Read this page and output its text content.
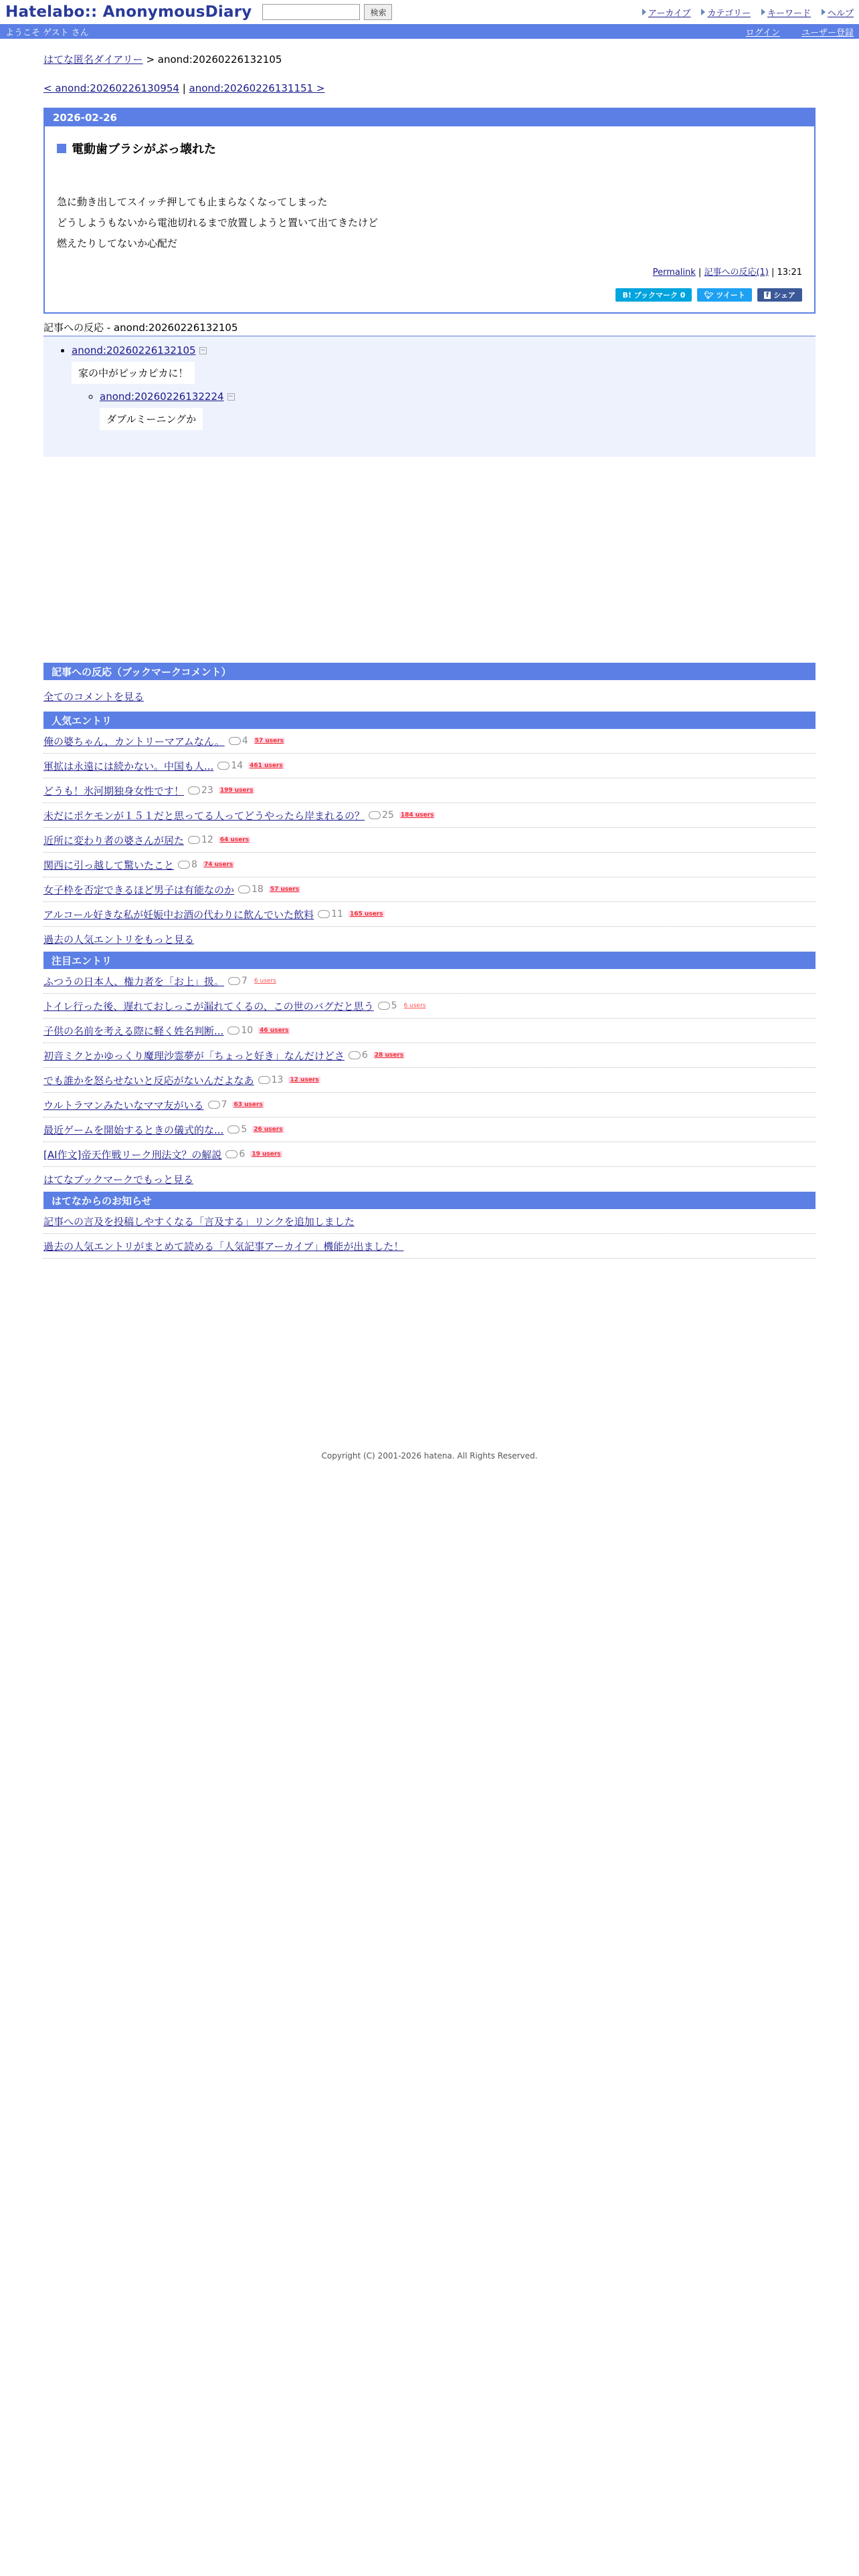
Hatelabo:: AnonymousDiary	検索	アーカイブ カテゴリー キーワード ヘルプ
ようこそ ゲスト さん	ログイン ユーザー登録
はてな匿名ダイアリー > anond:20260226132105
< anond:20260226130954 | anond:20260226131151 >
2026-02-26
電動歯ブラシがぶっ壊れた
急に動き出してスイッチ押しても止まらなくなってしまった
どうしようもないから電池切れるまで放置しようと置いて出てきたけど
燃えたりしてないか心配だ
Permalink | 記事への反応(1) | 13:21
B! ブックマーク 0	🐦︎ ツイート	f シェア
記事への反応 - anond:20260226132105
• anond:20260226132105 −
家の中がピッカピカに！
◦ anond:20260226132224 −
ダブルミーニングか
記事への反応（ブックマークコメント）
全てのコメントを見る
人気エントリ
俺の婆ちゃん、カントリーマアムなん。 4 57 users
軍拡は永遠には続かない。中国も人... 14 461 users
どうも！氷河期独身女性です！ 23 199 users
未だにポケモンが１５１だと思ってる人ってどうやったら岸まれるの？ 25 184 users
近所に変わり者の婆さんが居た 12 64 users
関西に引っ越して驚いたこと 8 74 users
女子枠を否定できるほど男子は有能なのか 18 57 users
アルコール好きな私が妊娠中お酒の代わりに飲んでいた飲料 11 165 users
過去の人気エントリをもっと見る
注目エントリ
ふつうの日本人、権力者を「お上」扱。 7 6 users
トイレ行った後、遅れておしっこが漏れてくるの、この世のバグだと思う 5 6 users
子供の名前を考える際に軽く姓名判断... 10 46 users
初音ミクとかゆっくり魔理沙霊夢が「ちょっと好き」なんだけどさ 6 28 users
でも誰かを怒らせないと反応がないんだよなあ 13 12 users
ウルトラマンみたいなママ友がいる 7 63 users
最近ゲームを開始するときの儀式的な... 5 26 users
[AI作文]帝天作戦リーク刑法文？の解説 6 19 users
はてなブックマークでもっと見る
はてなからのお知らせ
記事への言及を投稿しやすくなる「言及する」リンクを追加しました
過去の人気エントリがまとめて読める「人気記事アーカイブ」機能が出ました！
Copyright (C) 2001-2026 hatena. All Rights Reserved.
